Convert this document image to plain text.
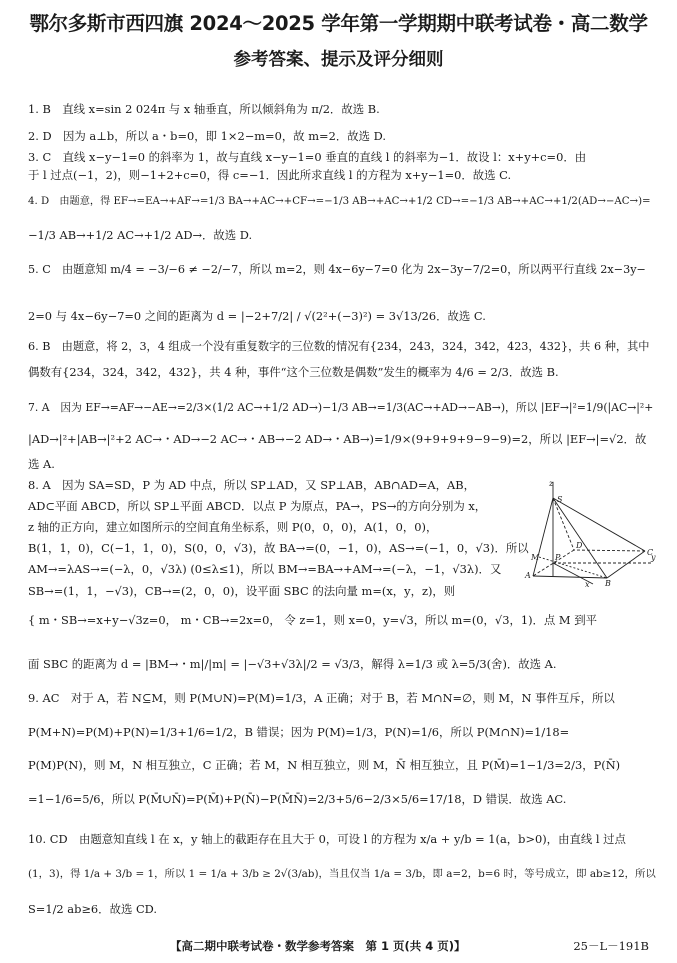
鄂尔多斯市西四旗 2024～2025 学年第一学期期中联考试卷・高二数学
参考答案、提示及评分细则
1. B　直线 x=sin 2 024π 与 x 轴垂直，所以倾斜角为 π/2．故选 B.
2. D　因为 a⊥b，所以 a・b=0，即 1×2−m=0，故 m=2．故选 D.
3. C　直线 x−y−1=0 的斜率为 1，故与直线 x−y−1=0 垂直的直线 l 的斜率为−1．故设 l：x+y+c=0．由
于 l 过点(−1，2)，则−1+2+c=0，得 c=−1．因此所求直线 l 的方程为 x+y−1=0．故选 C.
4. D　由题意，得 EF→=EA→+AF→=1/3 BA→+AC→+CF→=−1/3 AB→+AC→+1/2 CD→=−1/3 AB→+AC→+1/2(AD→−AC→)=
−1/3 AB→+1/2 AC→+1/2 AD→．故选 D.
5. C　由题意知 m/4 = −3/−6 ≠ −2/−7，所以 m=2，则 4x−6y−7=0 化为 2x−3y−7/2=0，所以两平行直线 2x−3y−
2=0 与 4x−6y−7=0 之间的距离为 d = |−2+7/2| / √(2²+(−3)²) = 3√13/26．故选 C.
6. B　由题意，将 2，3，4 组成一个没有重复数字的三位数的情况有{234，243，324，342，423，432}，共 6 种，其中
偶数有{234，324，342，432}，共 4 种，事件“这个三位数是偶数”发生的概率为 4/6 = 2/3．故选 B.
7. A　因为 EF→=AF→−AE→=2/3×(1/2 AC→+1/2 AD→)−1/3 AB→=1/3(AC→+AD→−AB→)，所以 |EF→|²=1/9(|AC→|²+
|AD→|²+|AB→|²+2 AC→・AD→−2 AC→・AB→−2 AD→・AB→)=1/9×(9+9+9+9−9−9)=2，所以 |EF→|=√2．故
选 A.
8. A　因为 SA=SD，P 为 AD 中点，所以 SP⊥AD，又 SP⊥AB，AB∩AD=A，AB，
AD⊂平面 ABCD，所以 SP⊥平面 ABCD．以点 P 为原点，PA→，PS→的方向分别为 x，
z 轴的正方向，建立如图所示的空间直角坐标系，则 P(0，0，0)，A(1，0，0)，
B(1，1，0)，C(−1，1，0)，S(0，0，√3)，故 BA→=(0，−1，0)，AS→=(−1，0，√3)．所以
AM→=λAS→=(−λ，0，√3λ) (0≤λ≤1)，所以 BM→=BA→+AM→=(−λ，−1，√3λ)．又
SB→=(1，1，−√3)，CB→=(2，0，0)，设平面 SBC 的法向量 m=(x，y，z)，则
{ m・SB→=x+y−√3z=0， m・CB→=2x=0， 令 z=1，则 x=0，y=√3，所以 m=(0，√3，1)．点 M 到平
面 SBC 的距离为 d = |BM→・m|/|m| = |−√3+√3λ|/2 = √3/3，解得 λ=1/3 或 λ=5/3(舍)．故选 A.
9. AC　对于 A，若 N⊆M，则 P(M∪N)=P(M)=1/3，A 正确；对于 B，若 M∩N=∅，则 M，N 事件互斥，所以
P(M+N)=P(M)+P(N)=1/3+1/6=1/2，B 错误；因为 P(M)=1/3，P(N)=1/6，所以 P(M∩N)=1/18=
P(M)P(N)，则 M，N 相互独立，C 正确；若 M，N 相互独立，则 M，N̄ 相互独立，且 P(M̄)=1−1/3=2/3，P(N̄)
=1−1/6=5/6，所以 P(M̄∪N̄)=P(M̄)+P(N̄)−P(M̄N̄)=2/3+5/6−2/3×5/6=17/18，D 错误．故选 AC.
10. CD　由题意知直线 l 在 x，y 轴上的截距存在且大于 0，可设 l 的方程为 x/a + y/b = 1(a，b>0)，由直线 l 过点
(1，3)，得 1/a + 3/b = 1，所以 1 = 1/a + 3/b ≥ 2√(3/ab)，当且仅当 1/a = 3/b，即 a=2，b=6 时，等号成立，即 ab≥12，所以
S=1/2 ab≥6．故选 CD.
z
S
D
P
A
M
C
B
x
y
【高二期中联考试卷・数学参考答案　第 1 页(共 4 页)】	25－L－191B
